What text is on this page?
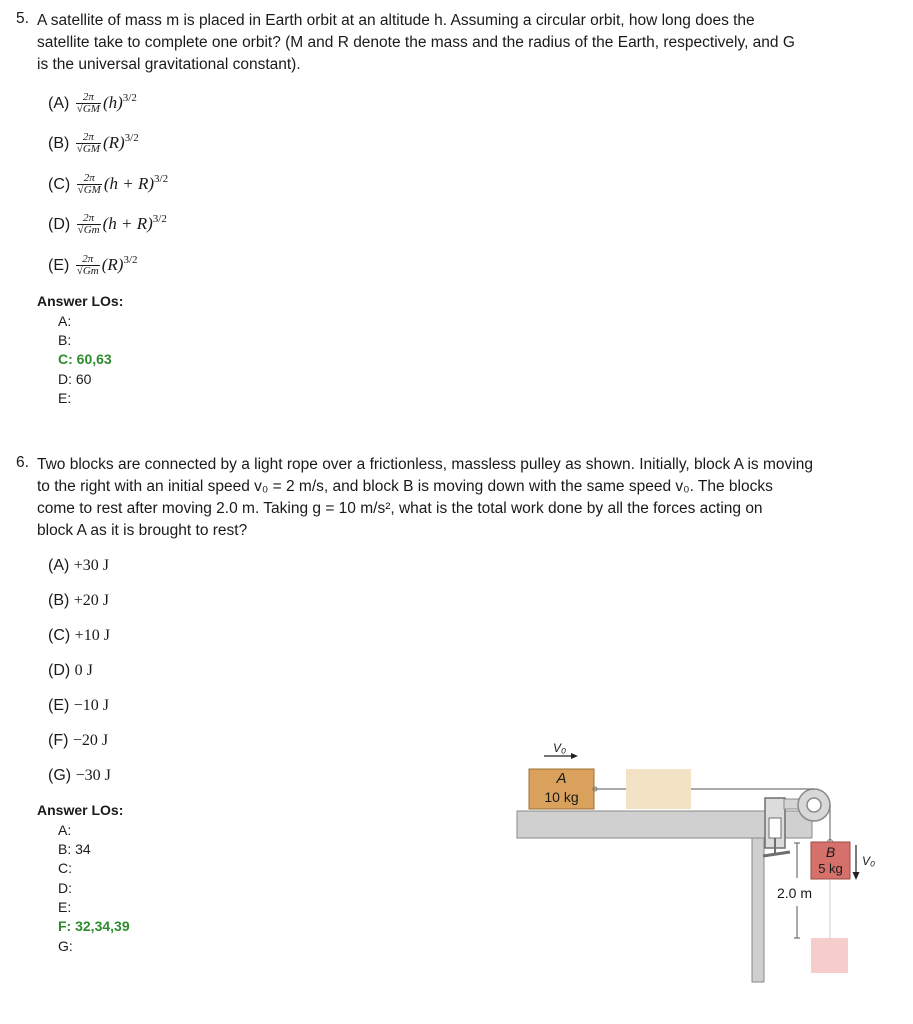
5. A satellite of mass m is placed in Earth orbit at an altitude h. Assuming a circular orbit, how long does the
satellite take to complete one orbit? (M and R denote the mass and the radius of the Earth, respectively, and G
is the universal gravitational constant).
$(A) \frac{2\pi}{√GM} (h)^{3/2}$
$(B) \frac{2\pi}{√GM} (R)^{3/2}$
$(C) \frac{2\pi}{√GM} (h + R)^{3/2}$
$(D) \frac{2\pi}{√Gm} (h + R)^{3/2}$
$(E) \frac{2\pi}{√Gm} (R)^{3/2}$
Answer LOs:
A:
B:
C: 60,63
D: 60
E:
6. Two blocks are connected by a light rope over a frictionless, massless pulley as shown. Initially, block A is moving
to the right with an initial speed v₀ = 2 m/s, and block B is moving down with the same speed v₀. The blocks
come to rest after moving 2.0 m. Taking g = 10 m/s², what is the total work done by all the forces acting on
block A as it is brought to rest?
(A) +30 J
(B) +20 J
(C) +10 J
(D) 0 J
(E) −10 J
(F) −20 J
(G) −30 J
Answer LOs:
A:
B: 34
C:
D:
E:
F: 32,34,39
G:
V₀
A
10 kg
B
5 kg
2.0 m
V₀
